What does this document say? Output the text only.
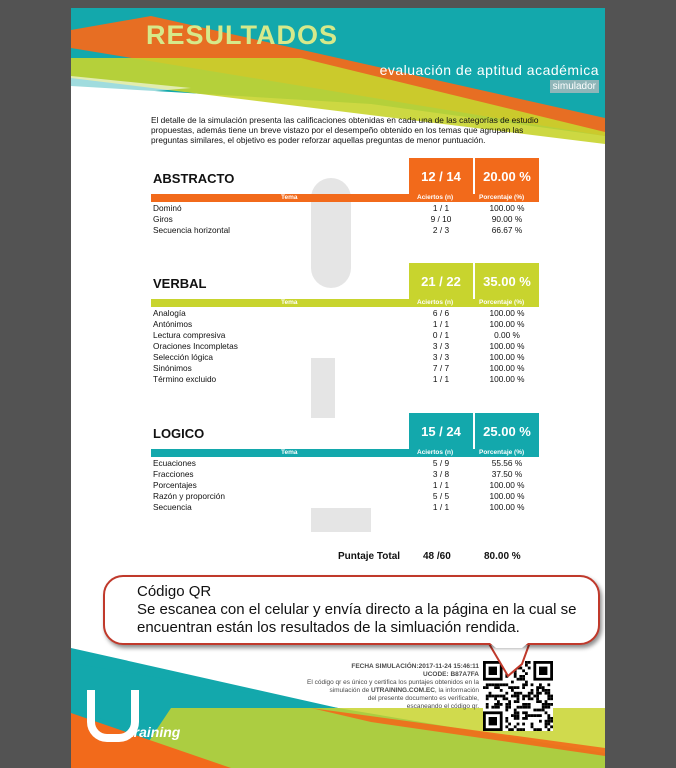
RESULTADOS
evaluación de aptitud académica
simulador
El detalle de la simulación presenta las calificaciones obtenidas en cada una de las categorías de estudio propuestas, además tiene un breve vistazo por el desempeño obtenido en los temas que agrupan las preguntas similares, el objetivo es poder reforzar aquellas preguntas de menor puntuación.
ABSTRACTO	12 / 14	20.00 %
Tema	Aciertos (n)	Porcentaje (%)
Dominó	1 / 1	100.00 %
Giros	9 / 10	90.00 %
Secuencia horizontal	2 / 3	66.67 %
VERBAL	21 / 22	35.00 %
Tema	Aciertos (n)	Porcentaje (%)
Analogía	6 / 6	100.00 %
Antónimos	1 / 1	100.00 %
Lectura compresiva	0 / 1	0.00 %
Oraciones Incompletas	3 / 3	100.00 %
Selección lógica	3 / 3	100.00 %
Sinónimos	7 / 7	100.00 %
Término excluido	1 / 1	100.00 %
LOGICO	15 / 24	25.00 %
Tema	Aciertos (n)	Porcentaje (%)
Ecuaciones	5 / 9	55.56 %
Fracciones	3 / 8	37.50 %
Porcentajes	1 / 1	100.00 %
Razón y proporción	5 / 5	100.00 %
Secuencia	1 / 1	100.00 %
Puntaje Total 48 /60	80.00 %
training
FECHA SIMULACIÓN:2017-11-24 15:46:11
UCODE: B87A7FA
El código qr es único y certifica los puntajes obtenidos en la
simulación de UTRAINING.COM.EC, la información
del presente documento es verificable,
escaneando el código qr.
Código QR
Se escanea con el celular y envía directo a la página en la cual se encuentran están los resultados de la simluación rendida.
